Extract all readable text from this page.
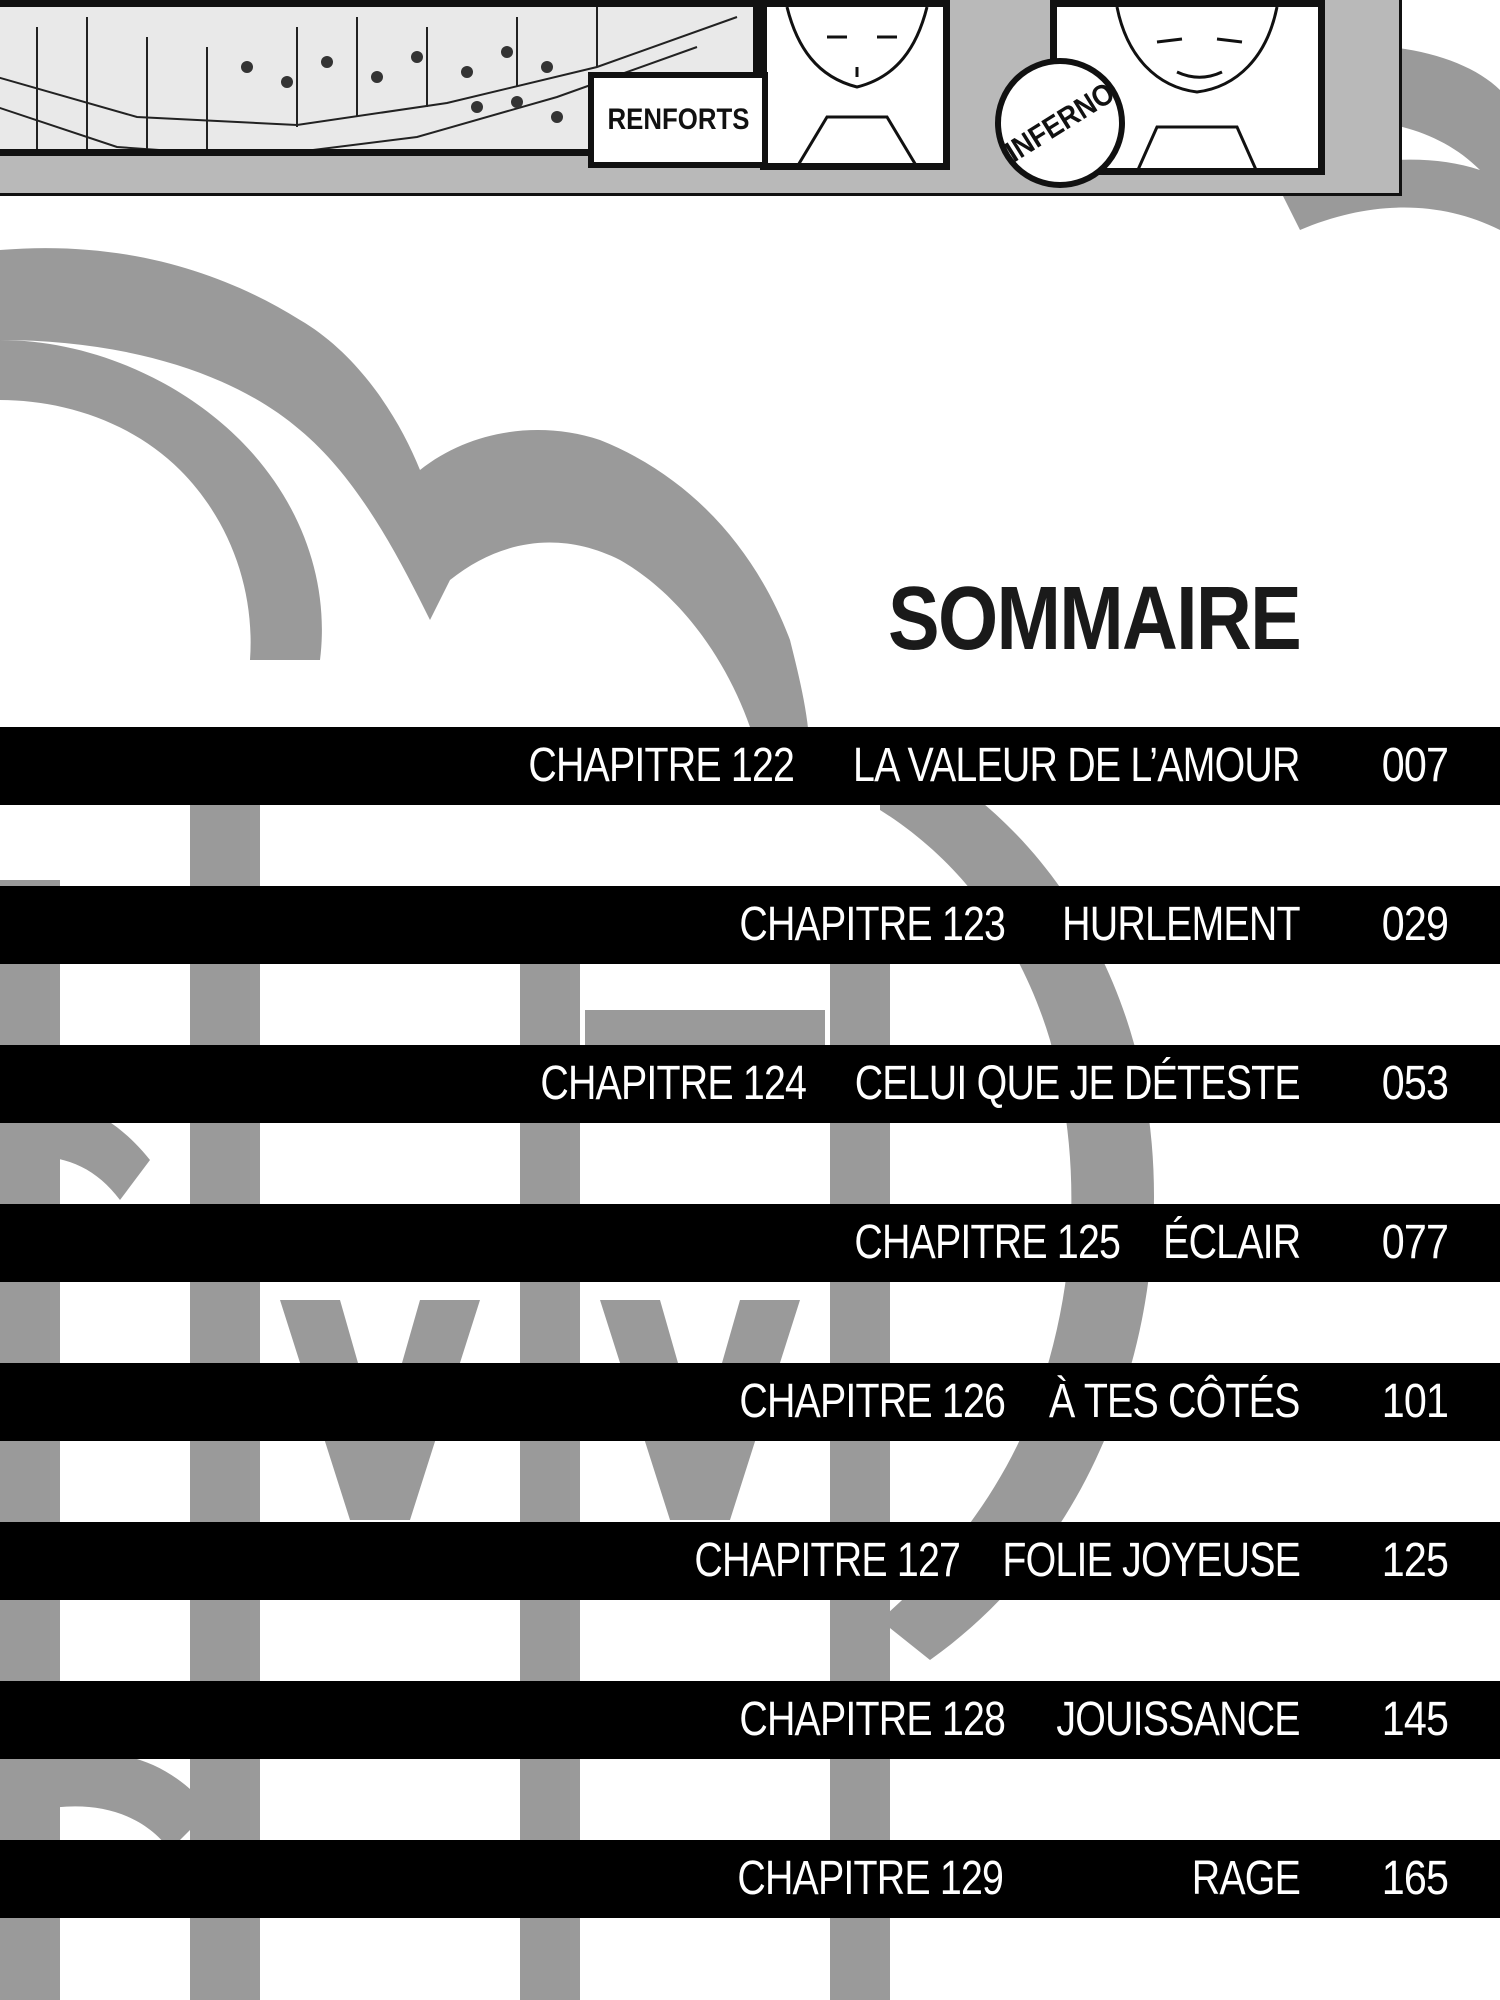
RENFORTS	INFERNO
SOMMAIRE
CHAPITRE 122 LA VALEUR DE L’AMOUR 007
CHAPITRE 123 HURLEMENT 029
CHAPITRE 124 CELUI QUE JE DÉTESTE 053
CHAPITRE 125 ÉCLAIR 077
CHAPITRE 126 À TES CÔTÉS 101
CHAPITRE 127 FOLIE JOYEUSE 125
CHAPITRE 128 JOUISSANCE 145
CHAPITRE 129	RAGE 165
